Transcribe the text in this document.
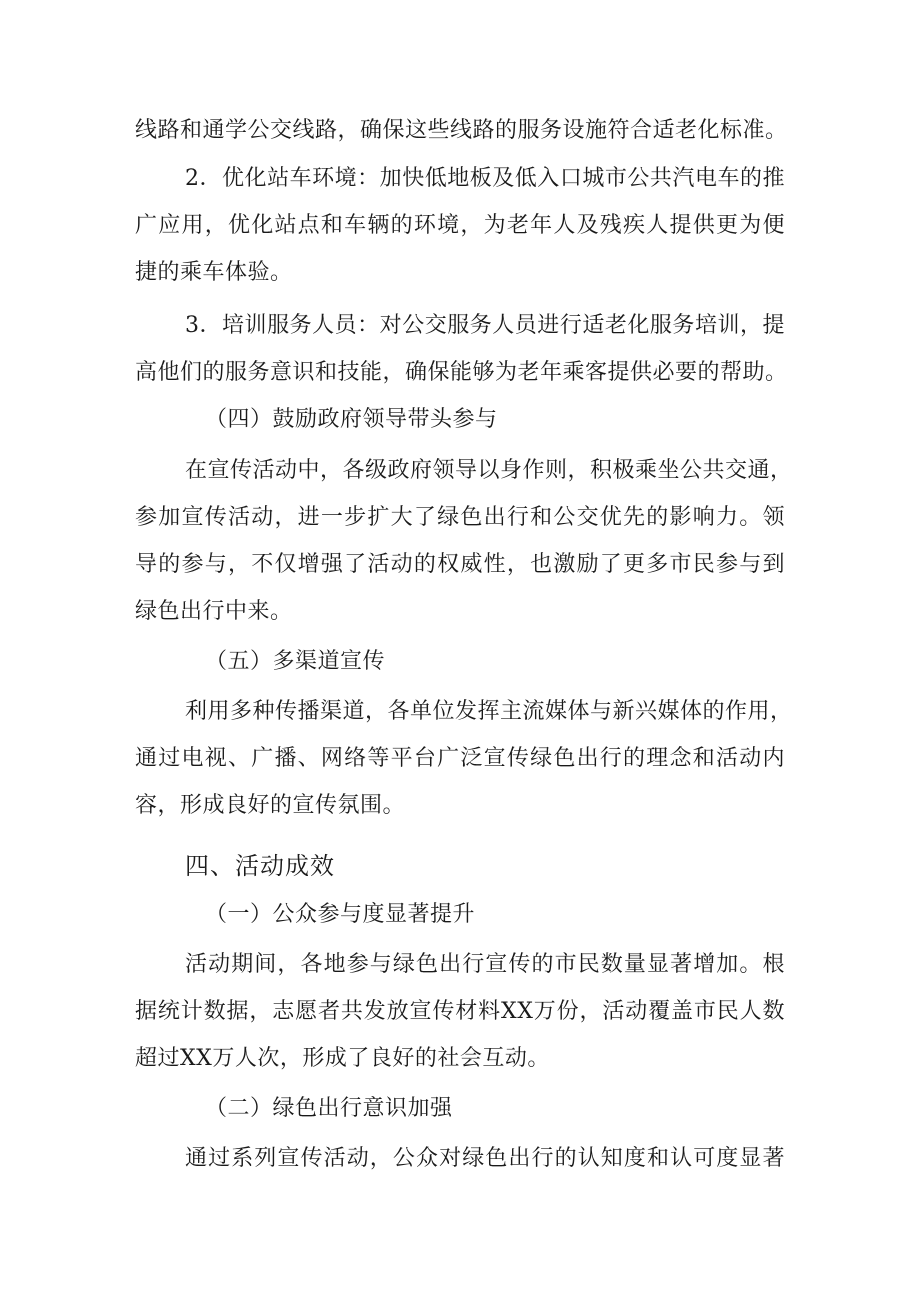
线路和通学公交线路，确保这些线路的服务设施符合适老化标准。
2．优化站车环境：加快低地板及低入口城市公共汽电车的推
广应用，优化站点和车辆的环境，为老年人及残疾人提供更为便
捷的乘车体验。
3．培训服务人员：对公交服务人员进行适老化服务培训，提
高他们的服务意识和技能，确保能够为老年乘客提供必要的帮助。
（四）鼓励政府领导带头参与
在宣传活动中，各级政府领导以身作则，积极乘坐公共交通，
参加宣传活动，进一步扩大了绿色出行和公交优先的影响力。领
导的参与，不仅增强了活动的权威性，也激励了更多市民参与到
绿色出行中来。
（五）多渠道宣传
利用多种传播渠道，各单位发挥主流媒体与新兴媒体的作用，
通过电视、广播、网络等平台广泛宣传绿色出行的理念和活动内
容，形成良好的宣传氛围。
四、活动成效
（一）公众参与度显著提升
活动期间，各地参与绿色出行宣传的市民数量显著增加。根
据统计数据，志愿者共发放宣传材料XX万份，活动覆盖市民人数
超过XX万人次，形成了良好的社会互动。
（二）绿色出行意识加强
通过系列宣传活动，公众对绿色出行的认知度和认可度显著
